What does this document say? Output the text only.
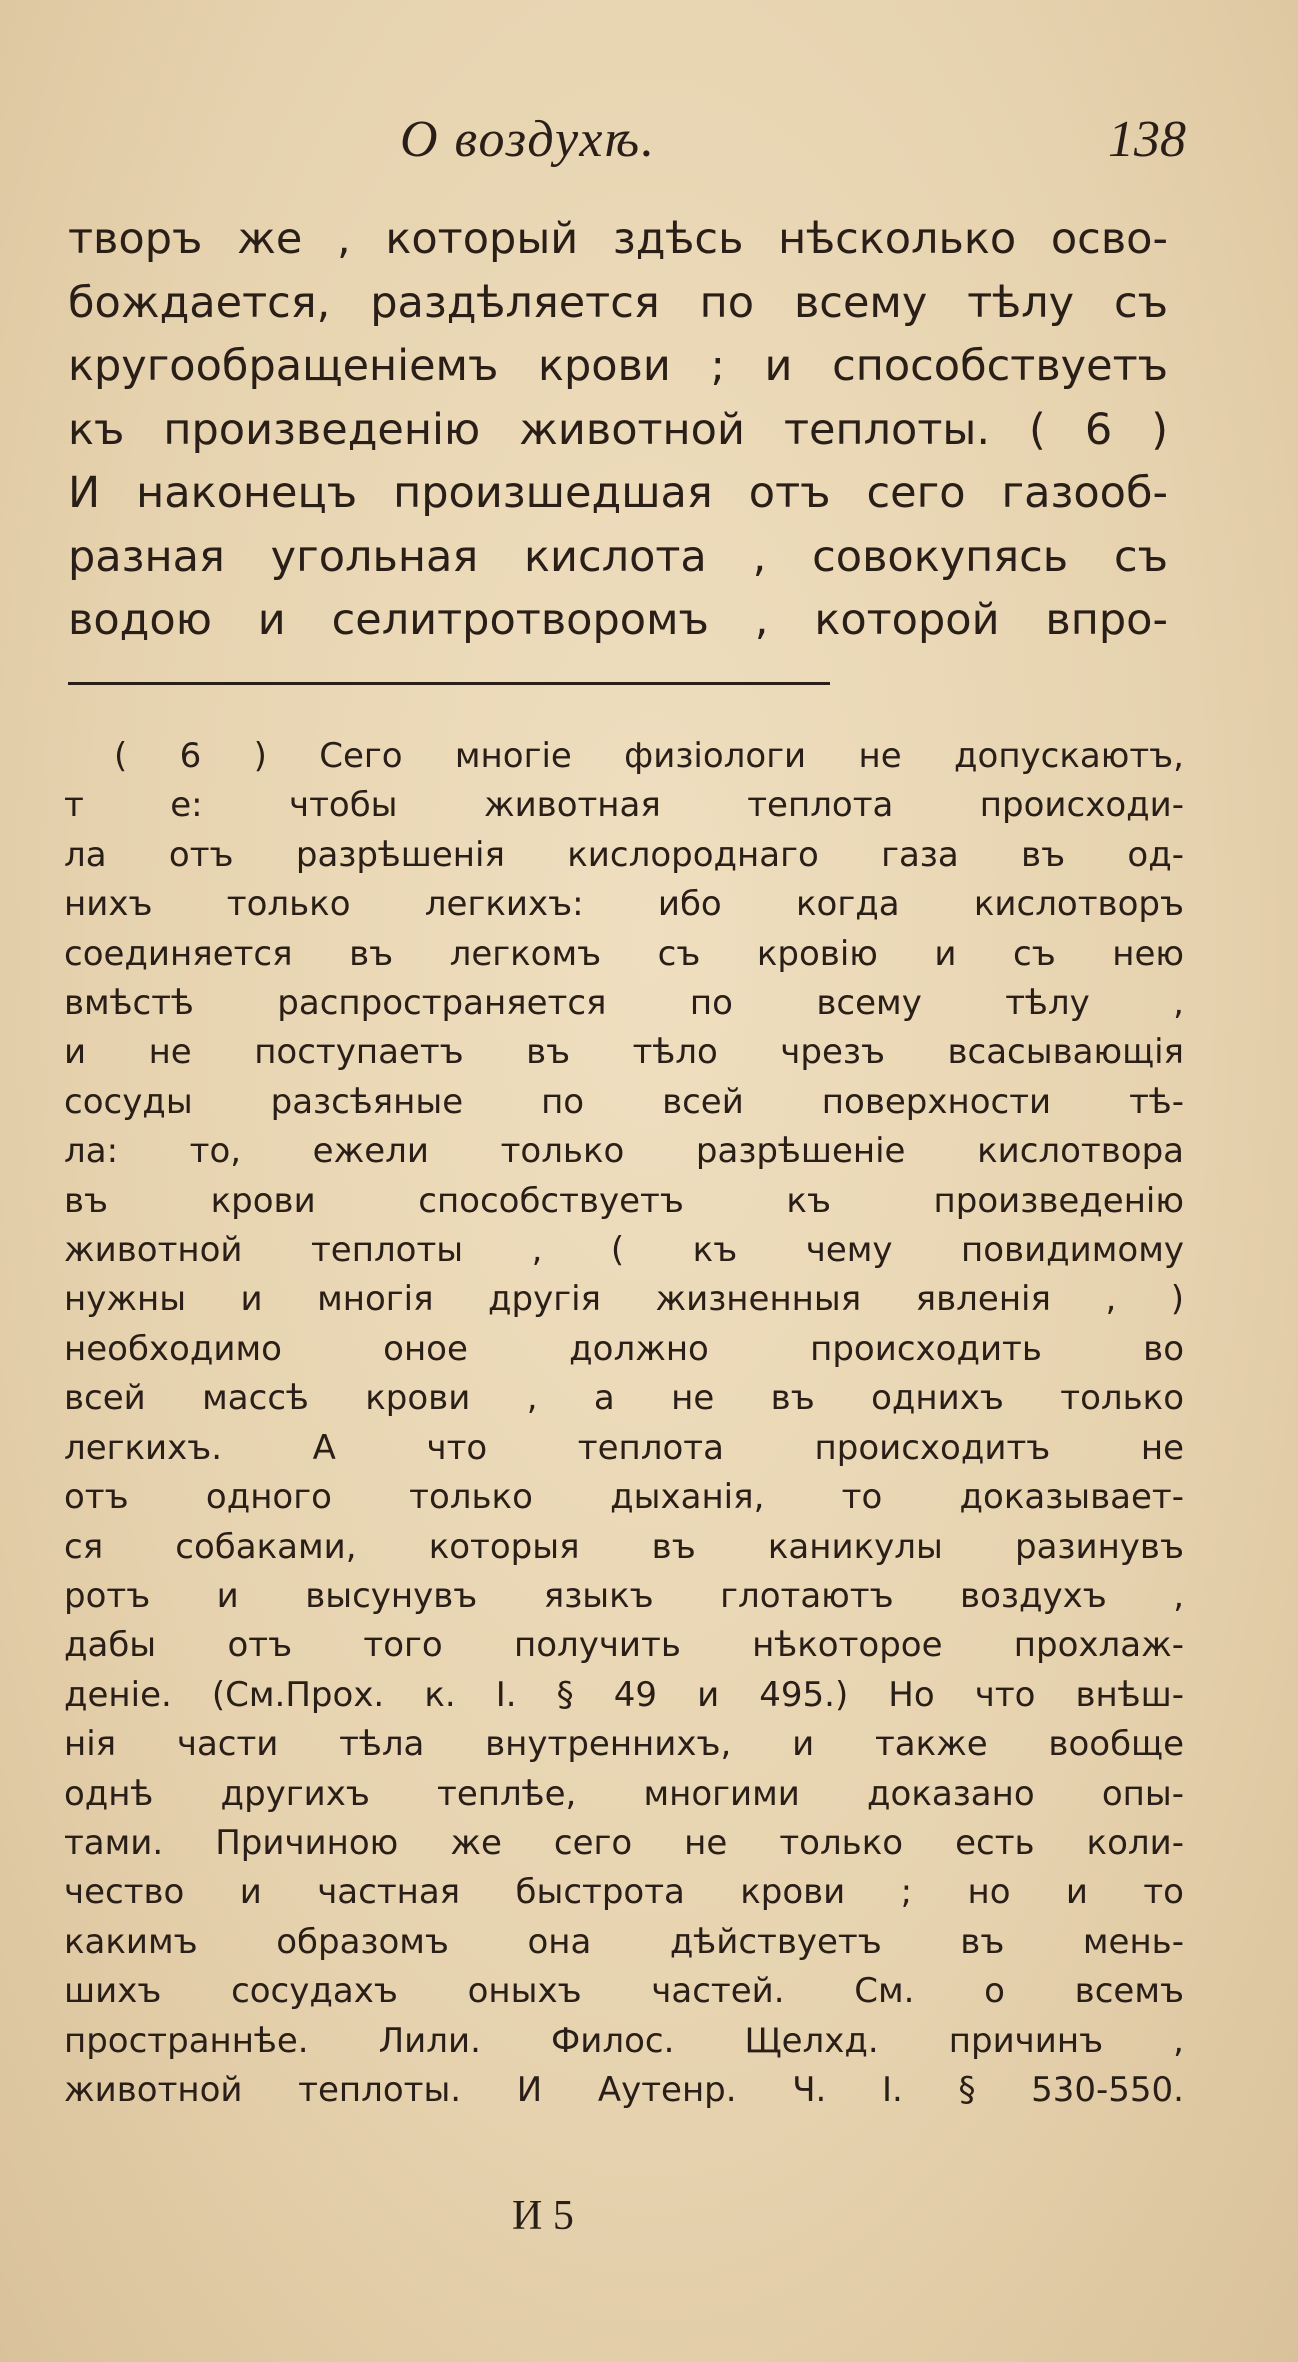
О воздухѣ.	138
творъ же , который здѣсь нѣсколько осво-
бождается, раздѣляется по всему тѣлу съ
кругообращеніемъ крови ; и способствуетъ
къ произведенію животной теплоты. ( 6 )
И наконецъ произшедшая отъ сего газооб-
разная угольная кислота , совокупясь съ
водою и селитротворомъ , которой впро-
( 6 ) Сего многіе физіологи не допускаютъ,
т е: чтобы животная теплота происходи-
ла отъ разрѣшенія кислороднаго газа въ од-
нихъ только легкихъ: ибо когда кислотворъ
соединяется въ легкомъ съ кровію и съ нею
вмѣстѣ распространяется по всему тѣлу ,
и не поступаетъ въ тѣло чрезъ всасывающія
сосуды разсѣяные по всей поверхности тѣ-
ла: то, ежели только разрѣшеніе кислотвора
въ крови способствуетъ къ произведенію
животной теплоты , ( къ чему повидимому
нужны и многія другія жизненныя явленія , )
необходимо оное должно происходить во
всей массѣ крови , а не въ однихъ только
легкихъ. А что теплота происходитъ не
отъ одного только дыханія, то доказывает-
ся собаками, которыя въ каникулы разинувъ
ротъ и высунувъ языкъ глотаютъ воздухъ ,
дабы отъ того получить нѣкоторое прохлаж-
деніе. (См.Прох. к. I. § 49 и 495.) Но что внѣш-
нія части тѣла внутреннихъ, и также вообще
однѣ другихъ теплѣе, многими доказано опы-
тами. Причиною же сего не только есть коли-
чество и частная быстрота крови ; но и то
какимъ образомъ она дѣйствуетъ въ мень-
шихъ сосудахъ оныхъ частей. См. о всемъ
пространнѣе. Лили. Филос. Щелхд. причинъ ,
животной теплоты. И Аутенр. Ч. I. § 530-550.
И 5
